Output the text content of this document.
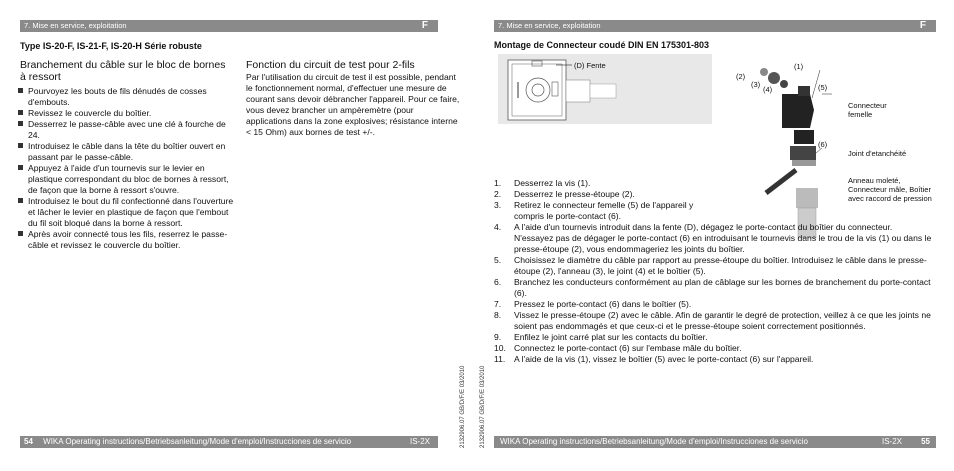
7. Mise en service, exploitation	F
Type IS-20-F, IS-21-F, IS-20-H Série robuste
Branchement du câble sur le bloc de bornes à ressort
Pourvoyez les bouts de fils dénudés de cosses d'embouts.
Revissez le couvercle du boîtier.
Desserrez le passe-câble avec une clé à fourche de 24.
Introduisez le câble dans la tête du boîtier ouvert en passant par le passe-câble.
Appuyez à l'aide d'un tournevis sur le levier en plastique correspondant du bloc de bornes à ressort, de façon que la borne à ressort s'ouvre.
Introduisez le bout du fil confectionné dans l'ouverture et lâcher le levier en plastique de façon que l'embout du fil soit bloqué dans la borne à ressort.
Après avoir connecté tous les fils, reserrez le passe-câble et revissez le couvercle du boîtier.
Fonction du circuit de test pour 2-fils
Par l'utilisation du circuit de test il est possible, pendant le fonctionnement normal, d'effectuer une mesure de courant sans devoir débrancher l'appareil. Pour ce faire, vous devez brancher un ampèremètre (pour applications dans la zone explosives; résistance interne < 15 Ohm) aux bornes de test +/-.
54 WIKA Operating instructions/Betriebsanleitung/Mode d'emploi/Instrucciones de servicio	IS-2X	2132906.07 GB/D/F/E 03/2010
7. Mise en service, exploitation	F
Montage de Connecteur coudé DIN EN 175301-803
(D) Fente	(1)
(2)
(3)
(4)	(5)
(6)
Connecteur femelle
Joint d'etanchéité
Anneau moleté, Connecteur mâle, Boîtier avec raccord de pression
1. Desserrez la vis (1).
2. Desserrez le presse-étoupe (2).
3. Retirez le connecteur femelle (5) de l'appareil y compris le porte-contact (6).
4. A l'aide d'un tournevis introduit dans la fente (D), dégagez le porte-contact du boîtier du connecteur. N'essayez pas de dégager le porte-contact (6) en introduisant le tournevis dans le trou de la vis (1) ou dans le presse-étoupe (2), vous endommageriez les joints du boîtier.
5. Choisissez le diamètre du câble par rapport au presse-étoupe du boîtier. Introduisez le câble dans le presse-étoupe (2), l'anneau (3), le joint (4) et le boîtier (5).
6. Branchez les conducteurs conformément au plan de câblage sur les bornes de branchement du porte-contact (6).
7. Pressez le porte-contact (6) dans le boîtier (5).
8. Vissez le presse-étoupe (2) avec le câble. Afin de garantir le degré de protection, veillez à ce que les joints ne soient pas endommagés et que ceux-ci et le presse-étoupe soient correctement positionnés.
9. Enfilez le joint carré plat sur les contacts du boîtier.
10. Connectez le porte-contact (6) sur l'embase mâle du boîtier.
11. A l'aide de la vis (1), vissez le boîtier (5) avec le porte-contact (6) sur l'appareil.
2132906.07 GB/D/F/E 03/2010	WIKA Operating instructions/Betriebsanleitung/Mode d'emploi/Instrucciones de servicio	IS-2X 55
